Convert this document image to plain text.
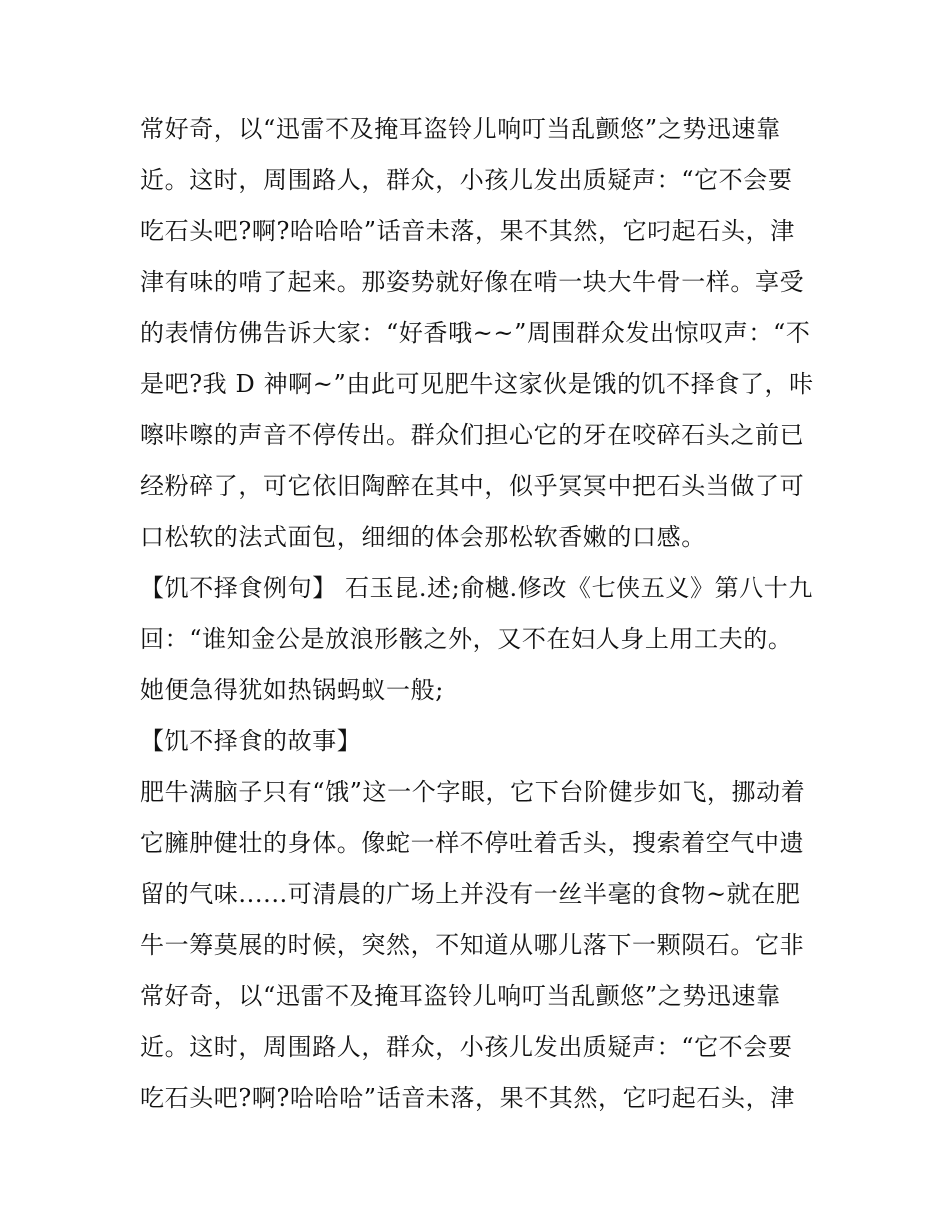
常好奇，以“迅雷不及掩耳盗铃儿响叮当乱颤悠”之势迅速靠
近。这时，周围路人，群众，小孩儿发出质疑声：“它不会要
吃石头吧?啊?哈哈哈”话音未落，果不其然，它叼起石头，津
津有味的啃了起来。那姿势就好像在啃一块大牛骨一样。享受
的表情仿佛告诉大家：“好香哦~~”周围群众发出惊叹声：“不
是吧?我 D 神啊~”由此可见肥牛这家伙是饿的饥不择食了，咔
嚓咔嚓的声音不停传出。群众们担心它的牙在咬碎石头之前已
经粉碎了，可它依旧陶醉在其中，似乎冥冥中把石头当做了可
口松软的法式面包，细细的体会那松软香嫩的口感。
【饥不择食例句】 石玉昆.述;俞樾.修改《七侠五义》第八十九
回：“谁知金公是放浪形骸之外，又不在妇人身上用工夫的。
她便急得犹如热锅蚂蚁一般;
【饥不择食的故事】
肥牛满脑子只有“饿”这一个字眼，它下台阶健步如飞，挪动着
它臃肿健壮的身体。像蛇一样不停吐着舌头，搜索着空气中遗
留的气味......可清晨的广场上并没有一丝半毫的食物~就在肥
牛一筹莫展的时候，突然，不知道从哪儿落下一颗陨石。它非
常好奇，以“迅雷不及掩耳盗铃儿响叮当乱颤悠”之势迅速靠
近。这时，周围路人，群众，小孩儿发出质疑声：“它不会要
吃石头吧?啊?哈哈哈”话音未落，果不其然，它叼起石头，津
